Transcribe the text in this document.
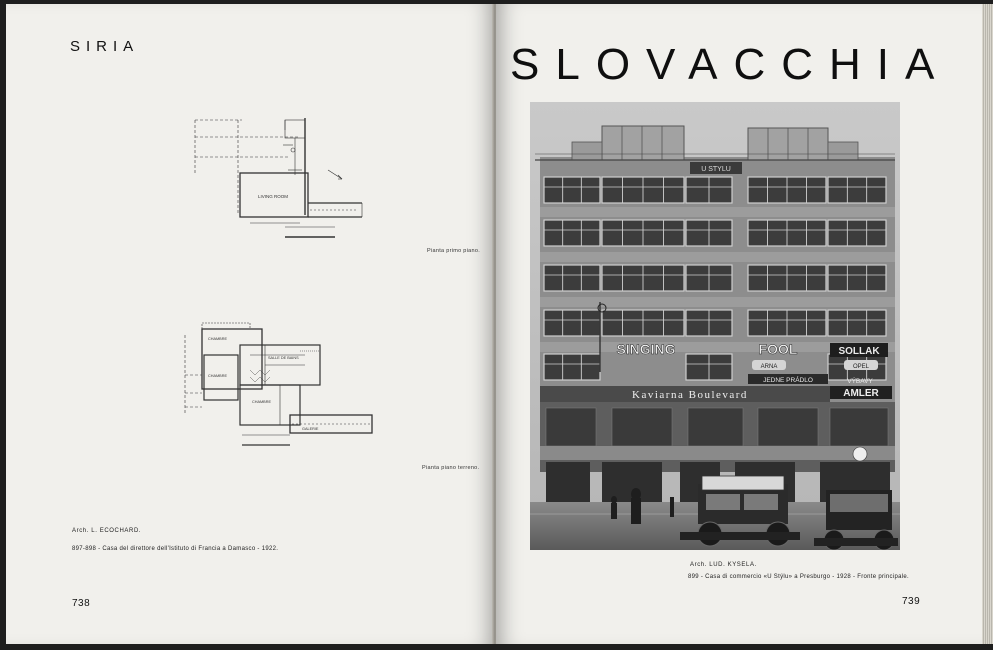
SIRIA
LIVING ROOM
Pianta primo piano.
CHAMBRE
CHAMBRE
SALLE DE BAINS
CHAMBRE
GALERIE
Pianta piano terreno.
Arch. L. ECOCHARD.
897-898 - Casa del direttore dell'Istituto di Francia a Damasco - 1922.
738
SLOVACCHIA
U STYLU
SINGING	FOOL	SOLLAK
ARNA	OPEL
JEDNE PRÁDLO	VÝBAVY
AMLER
Kaviarna Boulevard
Arch. LUD. KYSELA.
899 - Casa di commercio «U Stýlu» a Presburgo - 1928 - Fronte principale.
739
